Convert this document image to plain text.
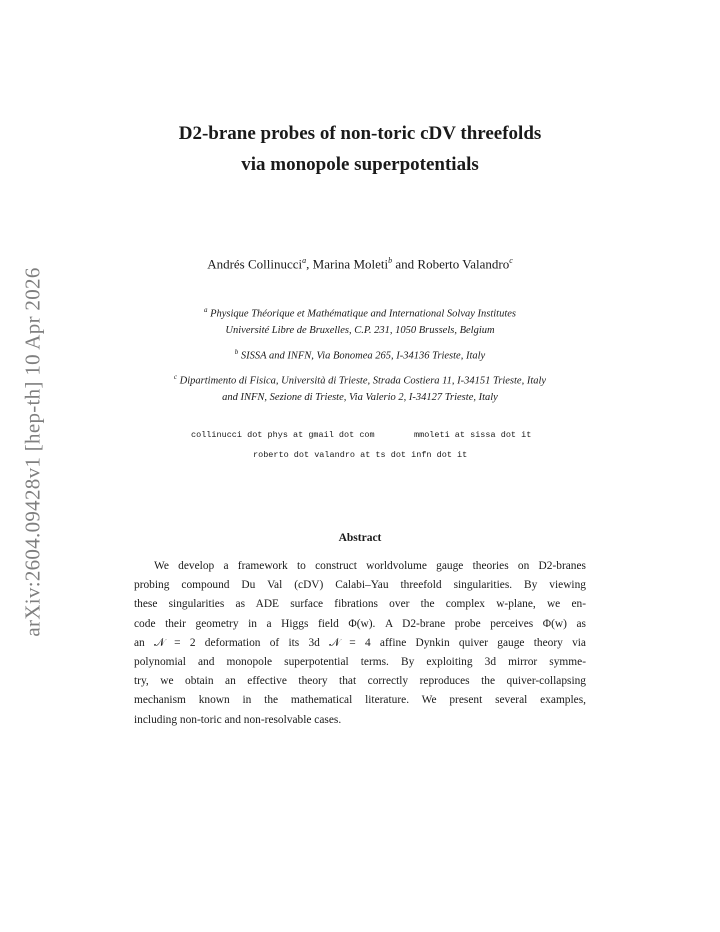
arXiv:2604.09428v1 [hep-th] 10 Apr 2026
D2-brane probes of non-toric cDV threefolds
via monopole superpotentials
Andrés Collinucci$^a$, Marina Moleti$^b$ and Roberto Valandro$^c$
$^a$ Physique Théorique et Mathématique and International Solvay Institutes
Université Libre de Bruxelles, C.P. 231, 1050 Brussels, Belgium
$^b$ SISSA and INFN, Via Bonomea 265, I-34136 Trieste, Italy
$^c$ Dipartimento di Fisica, Università di Trieste, Strada Costiera 11, I-34151 Trieste, Italy
and INFN, Sezione di Trieste, Via Valerio 2, I-34127 Trieste, Italy
collinucci dot phys at gmail dot com	mmoleti at sissa dot it
roberto dot valandro at ts dot infn dot it
Abstract
We develop a framework to construct worldvolume gauge theories on D2-branes
probing compound Du Val (cDV) Calabi–Yau threefold singularities. By viewing
these singularities as ADE surface fibrations over the complex w-plane, we en-
code their geometry in a Higgs field Φ(w). A D2-brane probe perceives Φ(w) as
an 𝒩 = 2 deformation of its 3d 𝒩 = 4 affine Dynkin quiver gauge theory via
polynomial and monopole superpotential terms. By exploiting 3d mirror symme-
try, we obtain an effective theory that correctly reproduces the quiver-collapsing
mechanism known in the mathematical literature. We present several examples,
including non-toric and non-resolvable cases.
